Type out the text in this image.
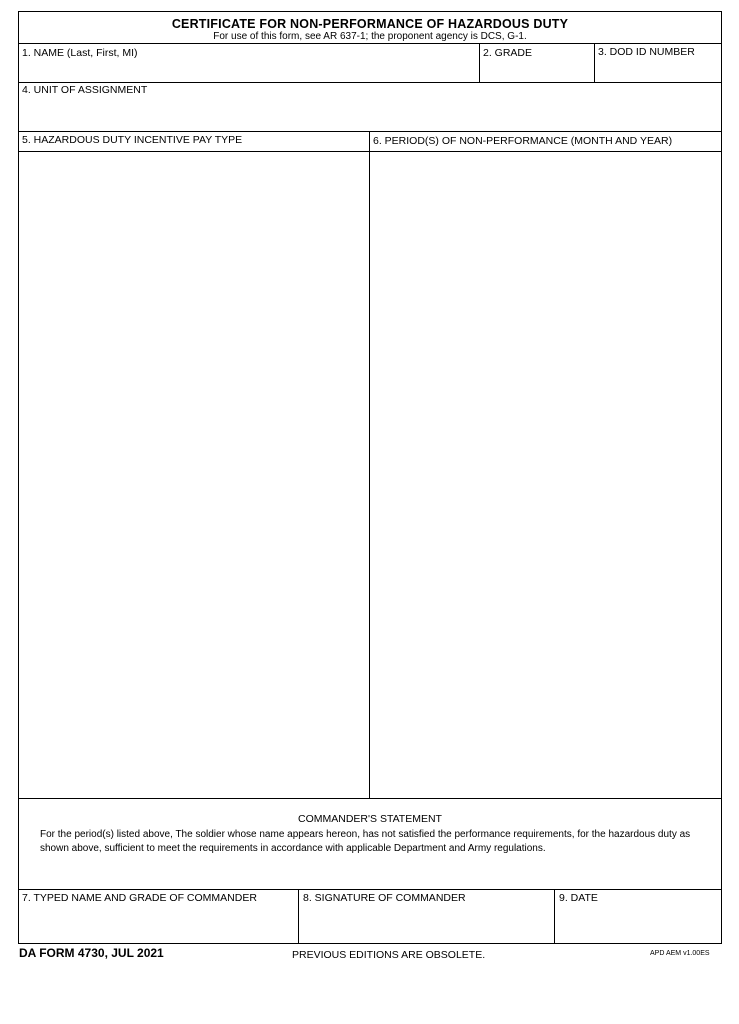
CERTIFICATE FOR NON-PERFORMANCE OF HAZARDOUS DUTY
For use of this form, see AR 637-1; the proponent agency is DCS, G-1.
1. NAME (Last, First, MI)	2. GRADE	3. DOD ID NUMBER
4. UNIT OF ASSIGNMENT
5. HAZARDOUS DUTY INCENTIVE PAY TYPE	6. PERIOD(S) OF NON-PERFORMANCE (MONTH AND YEAR)
COMMANDER'S STATEMENT
For the period(s) listed above, The soldier whose name appears hereon, has not satisfied the performance requirements, for the hazardous duty as shown above, sufficient to meet the requirements in accordance with applicable Department and Army regulations.
7. TYPED NAME AND GRADE OF COMMANDER	8. SIGNATURE OF COMMANDER	9. DATE
DA FORM 4730, JUL 2021	PREVIOUS EDITIONS ARE OBSOLETE.	APD AEM v1.00ES
